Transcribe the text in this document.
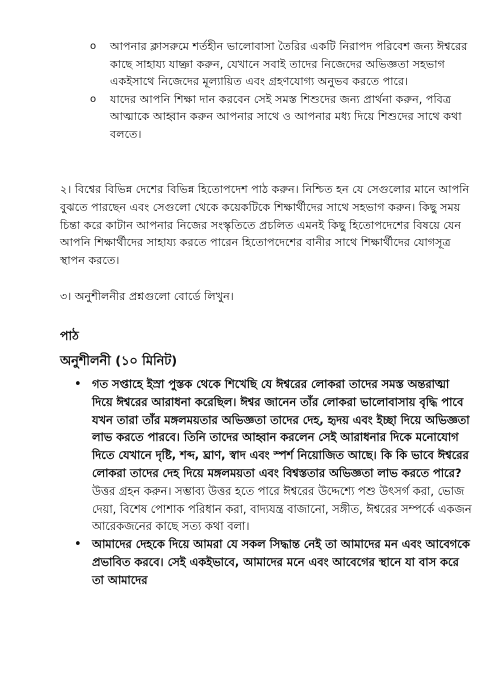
o আপনার ক্লাসরুমে শর্তহীন ভালোবাসা তৈরির একটি নিরাপদ পরিবেশ জন্য ঈশ্বরের কাছে সাহায্য যাচ্ঞা করুন, যেখানে সবাই তাদের নিজেদের অভিজ্ঞতা সহভাগ একইসাথে নিজেদের মূল্যায়িত এবং গ্রহণযোগ্য অনুভব করতে পারে।
o যাদের আপনি শিক্ষা দান করবেন সেই সমস্ত শিশুদের জন্য প্রার্থনা করুন, পবিত্র আত্মাকে আহ্বান করুন আপনার সাথে ও আপনার মধ্য দিয়ে শিশুদের সাথে কথা বলতে।

২। বিশ্বের বিভিন্ন দেশের বিভিন্ন হিতোপদেশ পাঠ করুন। নিশ্চিত হন যে সেগুলোর মানে আপনি বুঝতে পারছেন এবং সেগুলো থেকে কয়েকটিকে শিক্ষার্থীদের সাথে সহভাগ করুন। কিছু সময় চিন্তা করে কাটান আপনার নিজের সংস্কৃতিতে প্রচলিত এমনই কিছু হিতোপদেশের বিষয়ে যেন আপনি শিক্ষার্থীদের সাহায্য করতে পারেন হিতোপদেশের বানীর সাথে শিক্ষার্থীদের যোগসূত্র স্থাপন করতে।

৩। অনুশীলনীর প্রশ্নগুলো বোর্ডে লিখুন।

পাঠ
অনুশীলনী (১০ মিনিট)
• গত সপ্তাহে ইস্রা পুস্তক থেকে শিখেছি যে ঈশ্বরের লোকরা তাদের সমস্ত অন্তরাত্মা দিয়ে ঈশ্বরের আরাধনা করেছিল। ঈশ্বর জানেন তাঁর লোকরা ভালোবাসায় বৃদ্ধি পাবে যখন তারা তাঁর মঙ্গলময়তার অভিজ্ঞতা তাদের দেহ, হৃদয় এবং ইচ্ছা দিয়ে অভিজ্ঞতা লাভ করতে পারবে। তিনি তাদের আহ্বান করলেন সেই আরাধনার দিকে মনোযোগ দিতে যেখানে দৃষ্টি, শব্দ, ঘ্রাণ, স্বাদ এবং স্পর্শ নিয়োজিত আছে। কি কি ভাবে ঈশ্বরের লোকরা তাদের দেহ দিয়ে মঙ্গলময়তা এবং বিশ্বস্ততার অভিজ্ঞতা লাভ করতে পারে? উত্তর গ্রহন করুন। সম্ভাব্য উত্তর হতে পারে ঈশ্বরের উদ্দেশ্যে পশু উৎসর্গ করা, ভোজ দেয়া, বিশেষ পোশাক পরিধান করা, বাদ্যযন্ত্র বাজানো, সঙ্গীত, ঈশ্বরের সম্পর্কে একজন আরেকজনের কাছে সত্য কথা বলা।
• আমাদের দেহকে দিয়ে আমরা যে সকল সিদ্ধান্ত নেই তা আমাদের মন এবং আবেগকে প্রভাবিত করবে। সেই একইভাবে, আমাদের মনে এবং আবেগের স্থানে যা বাস করে তা আমাদের
